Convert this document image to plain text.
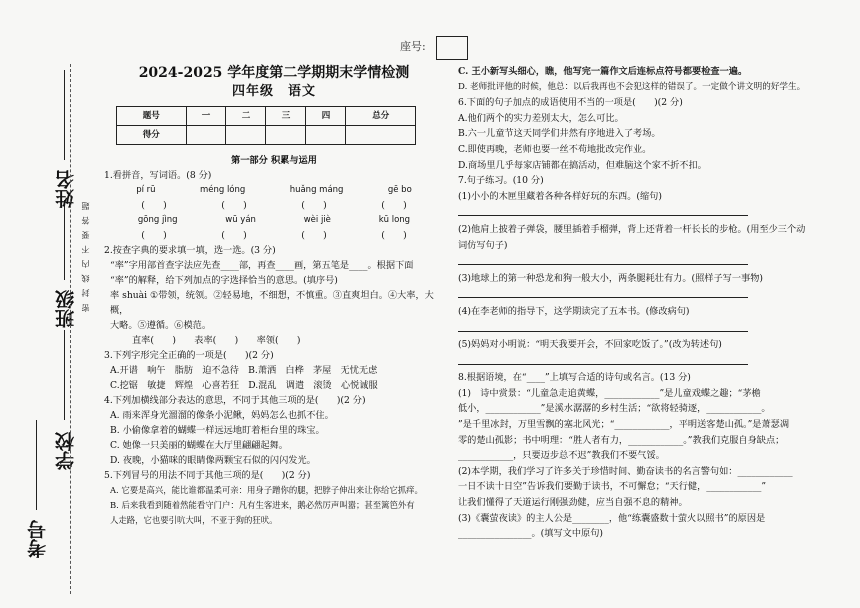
座号:
考号
学校
班级
姓名
密 封 线 内 不 要 答 题
2024-2025 学年度第二学期期末学情检测
四年级　语文
题号	一	二	三	四	总分
得分					
第一部分 积累与运用
1.看拼音，写词语。(8 分)
pí rū	méng lóng	huǎng máng	gē bo
(　　)	(　　)	(　　)	(　　)
gōng jìng	wū yán	wèi jiè	kū long
(　　)	(　　)	(　　)	(　　)
2.按查字典的要求填一填，选一选。(3 分)
“率”字用部首查字法应先查____部，再查____画，第五笔是____。根据下面
“率”的解释，给下列加点的字选择恰当的意思。(填序号)
率 shuài ①带领，统领。②轻易地，不细想，不慎重。③直爽坦白。④大率，大概，
大略。⑤遵循。⑥模范。
直率(　　)　　表率(　　)　　率领(　　)
3.下列字形完全正确的一项是(　　)(2 分)
A.开谱　响午　脂肪　迫不急待　B.萧洒　白桦　茅屋　无忧无虑
C.挖锯　敏捷　辉煌　心喜若狂　D.混乱　调遣　滚烫　心悦诚服
4.下列加横线部分表达的意思，不同于其他三项的是(　　)(2 分)
A. 雨来浑身光溜溜的像条小泥鳅，妈妈怎么也抓不住。
B. 小偷像拿着的蝴蝶一样远远地盯着柜台里的珠宝。
C. 她像一只美丽的蝴蝶在大厅里翩翩起舞。
D. 夜晚，小猫咪的眼睛像两颗宝石似的闪闪发光。
5.下列冒号的用法不同于其他三项的是(　　)(2 分)
A. 它要是高兴，能比谁都温柔可亲：用身子蹭你的腿，把脖子伸出来让你给它抓痒。
B. 后来我看到随着然能看守门户：凡有生客进来，鹅必然厉声叫嚣；甚至篱笆外有
人走路，它也要引吭大叫，不亚于狗的狂吠。
C. 王小新写头细心，瞧，他写完一篇作文后连标点符号都要检查一遍。
D. 老师批评他的时候，他总：以后我再也不会犯这样的错误了。一定做个讲文明的好学生。
6.下面的句子加点的成语使用不当的一项是(　　)(2 分)
A.他们两个的实力差别太大，怎么可比。
B.六一儿童节这天同学们井然有序地进入了考场。
C.即使再晚，老师也要一丝不苟地批改完作业。
D.商场里几乎每家店铺都在搞活动，但难脑这个家不折不扣。
7.句子练习。(10 分)
(1)小小的木匣里藏着各种各样好玩的东西。(缩句)
(2)他肩上披着子弹袋，腰里插着手榴弹，背上还背着一杆长长的步枪。(用至少三个动
词仿写句子)
(3)地球上的第一种恐龙和狗一般大小，两条腿耗壮有力。(照样子写一事物)
(4)在李老师的指导下，这学期读完了五本书。(修改病句)
(5)妈妈对小明说：“明天我要开会，不回家吃饭了。”(改为转述句)
8.根据语境，在“____”上填写合适的诗句或名言。(13 分)
(1)　诗中赏景：“儿童急走追黄蝶，____________”是儿童戏蝶之趣；“茅檐
低小，____________”是溪水潺潺的乡村生活；“欲将轻骑逐，____________。
”是千里冰封，万里雪飘的塞北风光；“____________，平明送客楚山孤。”是萧瑟凋
零的楚山孤影；书中明理：“胜人者有力，____________。”教我们克服自身缺点；
____________，只要迈步总不迟”教我们不要气馁。
(2)本学期，我们学习了许多关于珍惜时间、勤奋读书的名言警句如：____________
一日不读十日空”告诉我们要勤于读书，不可懈怠；“天行健，____________”
让我们懂得了天道运行刚强劲健，应当自强不息的精神。
(3)《囊萤夜读》的主人公是________，他“练囊盛数十萤火以照书”的原因是
________________。(填写文中原句)
